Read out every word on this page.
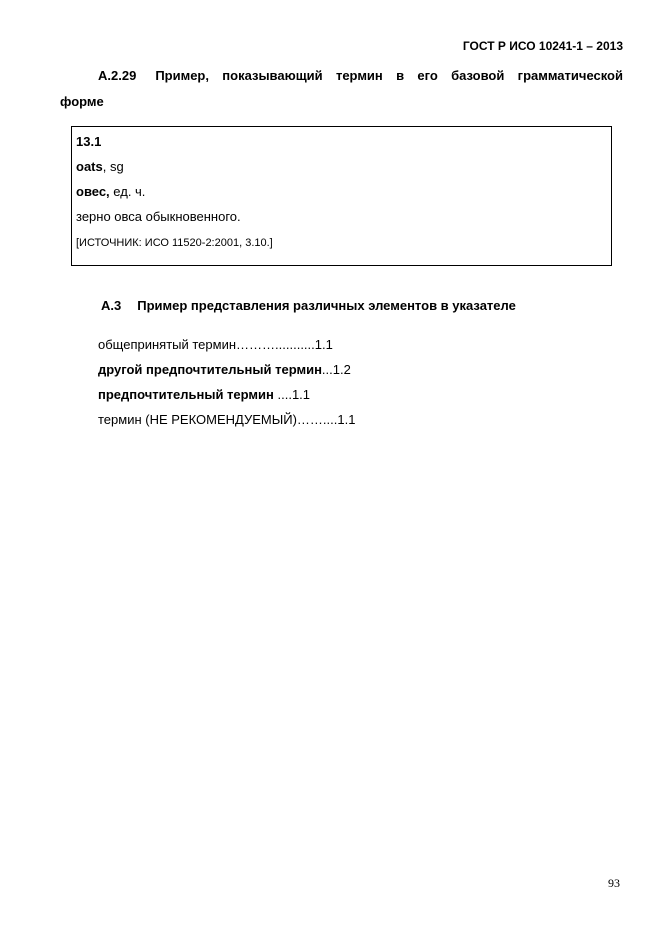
ГОСТ Р ИСО 10241-1 – 2013
А.2.29 Пример, показывающий термин в его базовой грамматической
форме
13.1
oats, sg
овес, ед. ч.
зерно овса обыкновенного.
[ИСТОЧНИК: ИСО 11520-2:2001, 3.10.]
А.3 Пример представления различных элементов в указателе
общепринятый термин………...........1.1
другой предпочтительный термин...1.2
предпочтительный термин ....1.1
термин (НЕ РЕКОМЕНДУЕМЫЙ)……....1.1
93
